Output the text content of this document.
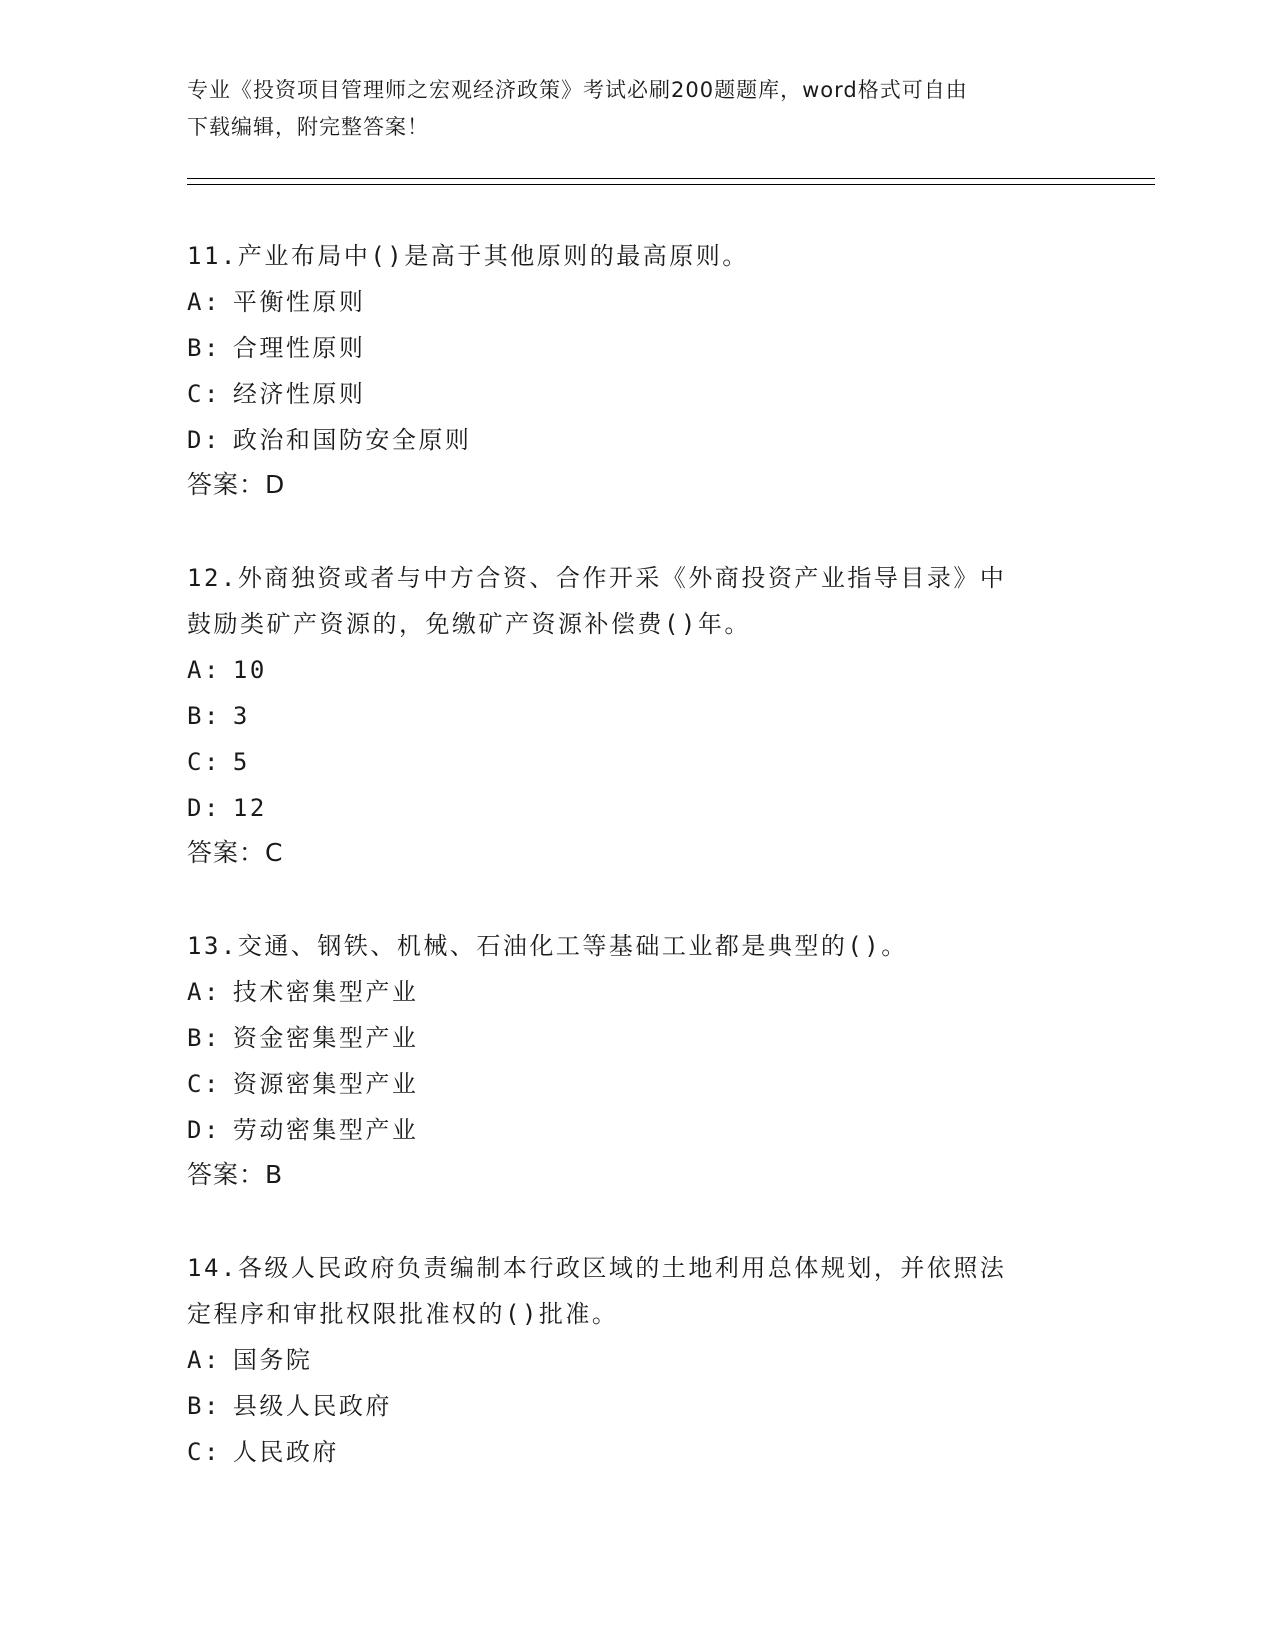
专业《投资项目管理师之宏观经济政策》考试必刷200题题库，word格式可自由
下载编辑，附完整答案！

11.产业布局中()是高于其他原则的最高原则。

A: 平衡性原则

B: 合理性原则

C: 经济性原则

D: 政治和国防安全原则

答案：D

12.外商独资或者与中方合资、合作开采《外商投资产业指导目录》中

鼓励类矿产资源的，免缴矿产资源补偿费()年。

A: 10

B: 3

C: 5

D: 12

答案：C

13.交通、钢铁、机械、石油化工等基础工业都是典型的()。

A: 技术密集型产业

B: 资金密集型产业

C: 资源密集型产业

D: 劳动密集型产业

答案：B

14.各级人民政府负责编制本行政区域的土地利用总体规划，并依照法

定程序和审批权限批准权的()批准。

A: 国务院

B: 县级人民政府

C: 人民政府
